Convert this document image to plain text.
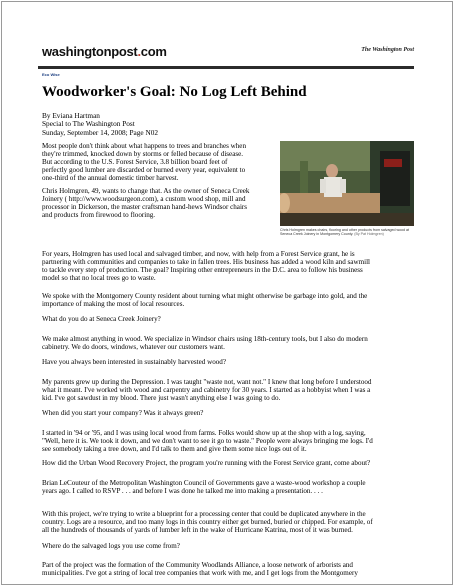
washingtonpost.com	The Washington Post
Eco Wise
Woodworker's Goal: No Log Left Behind
By Eviana Hartman
Special to The Washington Post
Sunday, September 14, 2008; Page N02
Chris Holmgren makes chairs, flooring and other products from salvaged wood at Seneca Creek Joinery in Montgomery County. (By Pat Holmgren)
Most people don't think about what happens to trees and branches when
they're trimmed, knocked down by storms or felled because of disease.
But according to the U.S. Forest Service, 3.8 billion board feet of
perfectly good lumber are discarded or burned every year, equivalent to
one-third of the annual domestic timber harvest.
Chris Holmgren, 49, wants to change that. As the owner of Seneca Creek
Joinery ( http://www.woodsurgeon.com), a custom wood shop, mill and
processor in Dickerson, the master craftsman hand-hews Windsor chairs
and products from firewood to flooring.
For years, Holmgren has used local and salvaged timber, and now, with help from a Forest Service grant, he is
partnering with communities and companies to take in fallen trees. His business has added a wood kiln and sawmill
to tackle every step of production. The goal? Inspiring other entrepreneurs in the D.C. area to follow his business
model so that no local trees go to waste.
We spoke with the Montgomery County resident about turning what might otherwise be garbage into gold, and the
importance of making the most of local resources.
What do you do at Seneca Creek Joinery?
We make almost anything in wood. We specialize in Windsor chairs using 18th-century tools, but I also do modern
cabinetry. We do doors, windows, whatever our customers want.
Have you always been interested in sustainably harvested wood?
My parents grew up during the Depression. I was taught "waste not, want not." I knew that long before I understood
what it meant. I've worked with wood and carpentry and cabinetry for 30 years. I started as a hobbyist when I was a
kid. I've got sawdust in my blood. There just wasn't anything else I was going to do.
When did you start your company? Was it always green?
I started in '94 or '95, and I was using local wood from farms. Folks would show up at the shop with a log, saying,
"Well, here it is. We took it down, and we don't want to see it go to waste." People were always bringing me logs. I'd
see somebody taking a tree down, and I'd talk to them and give them some nice logs out of it.
How did the Urban Wood Recovery Project, the program you're running with the Forest Service grant, come about?
Brian LeCouteur of the Metropolitan Washington Council of Governments gave a waste-wood workshop a couple
years ago. I called to RSVP . . . and before I was done he talked me into making a presentation. . . .
With this project, we're trying to write a blueprint for a processing center that could be duplicated anywhere in the
country. Logs are a resource, and too many logs in this country either get burned, buried or chipped. For example, of
all the hundreds of thousands of yards of lumber left in the wake of Hurricane Katrina, most of it was burned.
Where do the salvaged logs you use come from?
Part of the project was the formation of the Community Woodlands Alliance, a loose network of arborists and
municipalities. I've got a string of local tree companies that work with me, and I get logs from the Montgomery
